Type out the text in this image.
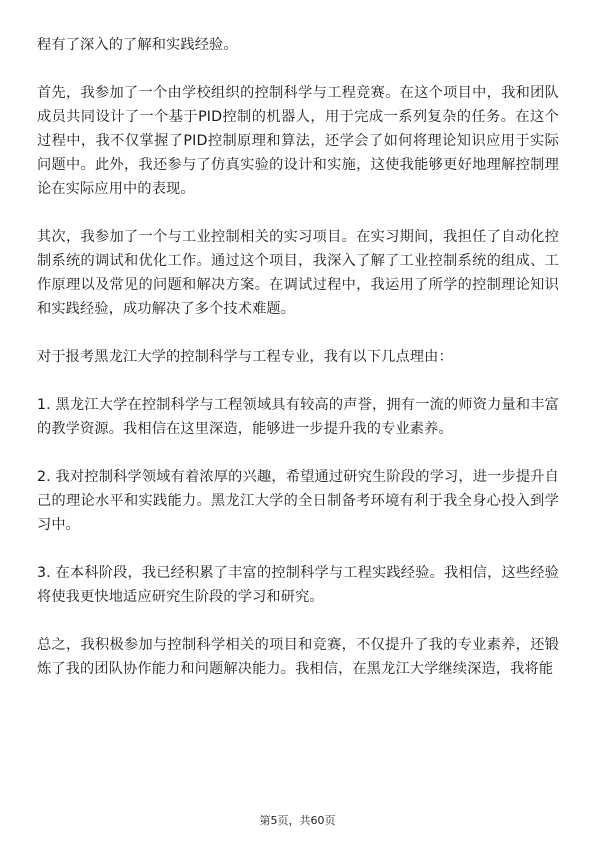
程有了深入的了解和实践经验。

首先，我参加了一个由学校组织的控制科学与工程竞赛。在这个项目中，我和团队成员共同设计了一个基于PID控制的机器人，用于完成一系列复杂的任务。在这个过程中，我不仅掌握了PID控制原理和算法，还学会了如何将理论知识应用于实际问题中。此外，我还参与了仿真实验的设计和实施，这使我能够更好地理解控制理论在实际应用中的表现。

其次，我参加了一个与工业控制相关的实习项目。在实习期间，我担任了自动化控制系统的调试和优化工作。通过这个项目，我深入了解了工业控制系统的组成、工作原理以及常见的问题和解决方案。在调试过程中，我运用了所学的控制理论知识和实践经验，成功解决了多个技术难题。

对于报考黑龙江大学的控制科学与工程专业，我有以下几点理由：

1. 黑龙江大学在控制科学与工程领域具有较高的声誉，拥有一流的师资力量和丰富的教学资源。我相信在这里深造，能够进一步提升我的专业素养。

2. 我对控制科学领域有着浓厚的兴趣，希望通过研究生阶段的学习，进一步提升自己的理论水平和实践能力。黑龙江大学的全日制备考环境有利于我全身心投入到学习中。

3. 在本科阶段，我已经积累了丰富的控制科学与工程实践经验。我相信，这些经验将使我更快地适应研究生阶段的学习和研究。

总之，我积极参加与控制科学相关的项目和竞赛，不仅提升了我的专业素养，还锻炼了我的团队协作能力和问题解决能力。我相信，在黑龙江大学继续深造，我将能

第5页，共60页
